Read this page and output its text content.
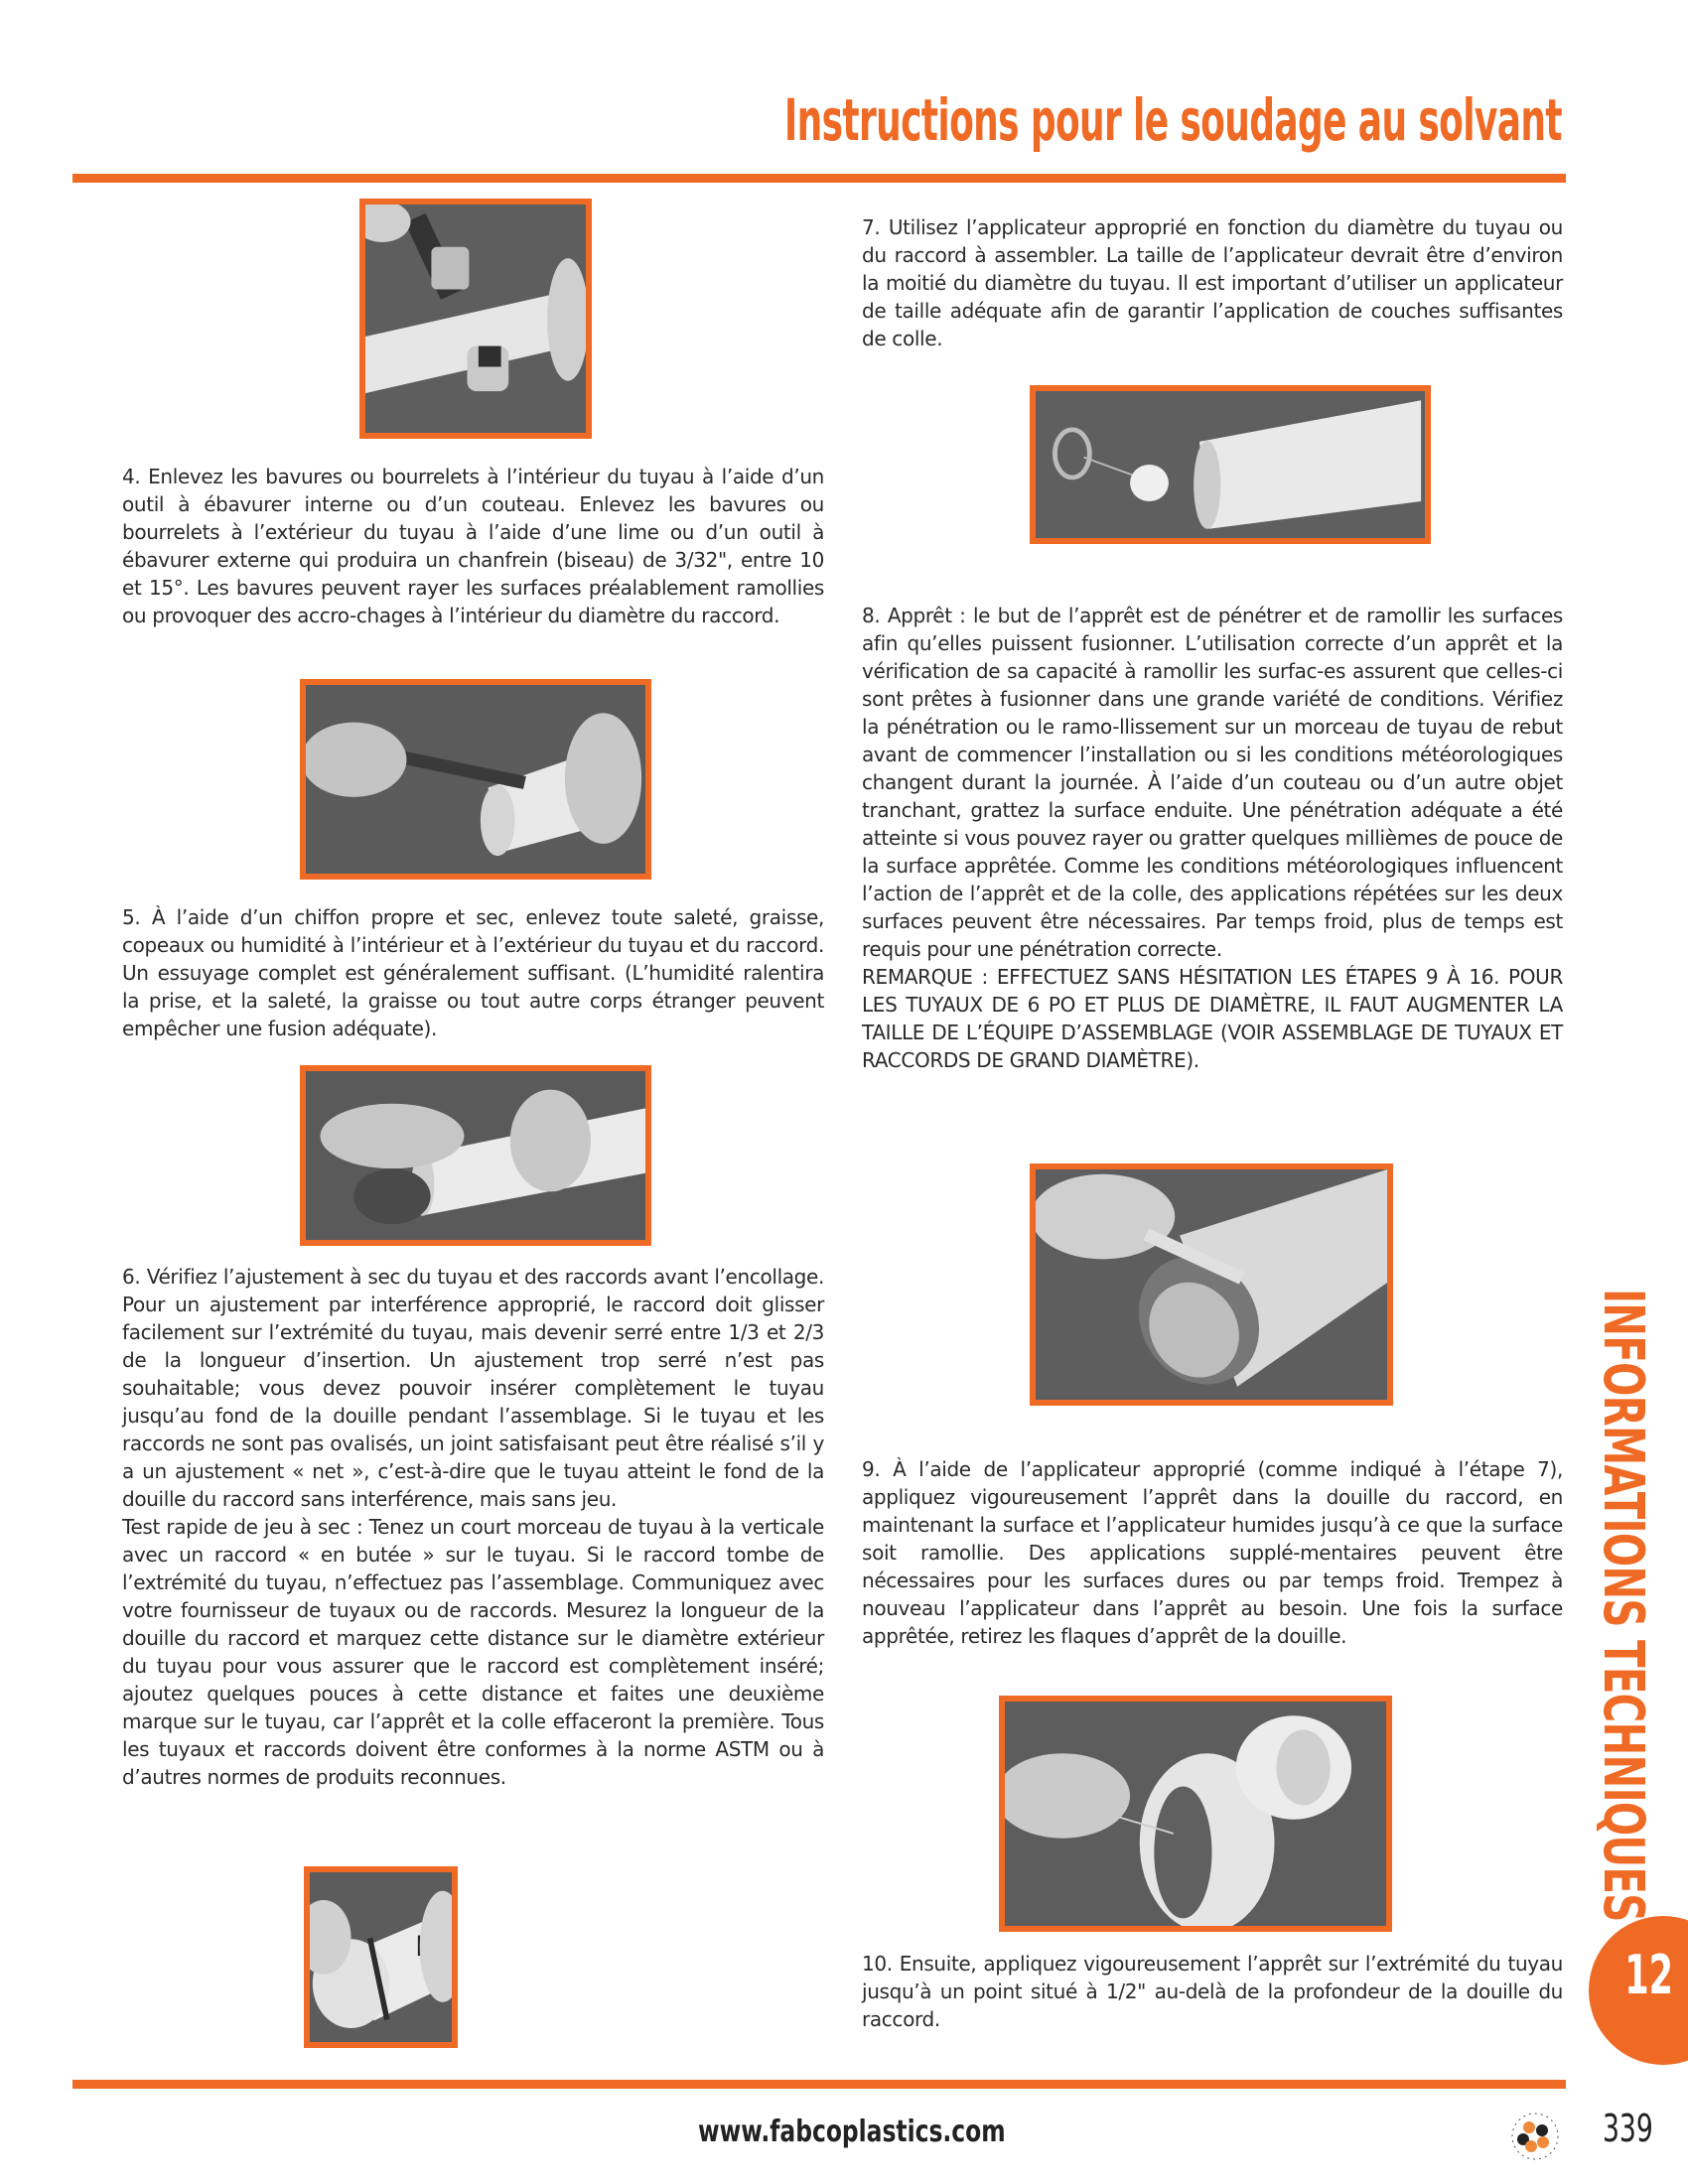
Instructions pour le soudage au solvant

7. Utilisez l’applicateur approprié en fonction du diamètre du tuyau ou du raccord à assembler. La taille de l’applicateur devrait être d’environ la moitié du diamètre du tuyau. Il est important d’utiliser un applicateur de taille adéquate afin de garantir l’application de couches suffisantes de colle.

4. Enlevez les bavures ou bourrelets à l’intérieur du tuyau à l’aide d’un outil à ébavurer interne ou d’un couteau. Enlevez les bavures ou bourrelets à l’extérieur du tuyau à l’aide d’une lime ou d’un outil à ébavurer externe qui produira un chanfrein (biseau) de 3/32", entre 10 et 15°. Les bavures peuvent rayer les surfaces préalablement ramollies ou provoquer des accro-chages à l’intérieur du diamètre du raccord.	8. Apprêt : le but de l’apprêt est de pénétrer et de ramollir les surfaces afin qu’elles puissent fusionner. L’utilisation correcte d’un apprêt et la vérification de sa capacité à ramollir les surfac-es assurent que celles-ci sont prêtes à fusionner dans une grande variété de conditions. Vérifiez la pénétration ou le ramo-llissement sur un morceau de tuyau de rebut avant de commencer l’installation ou si les conditions météorologiques changent durant la journée. À l’aide d’un couteau ou d’un autre objet tranchant, grattez la surface enduite. Une pénétration adéquate a été atteinte si vous pouvez rayer ou gratter quelques millièmes de pouce de la surface apprêtée. Comme les conditions météorologiques influencent l’action de l’apprêt et de la colle, des applications répétées sur les deux surfaces peuvent être nécessaires. Par temps froid, plus de temps est requis pour une pénétration correcte.
REMARQUE : EFFECTUEZ SANS HÉSITATION LES ÉTAPES 9 À 16. POUR LES TUYAUX DE 6 PO ET PLUS DE DIAMÈTRE, IL FAUT AUGMENTER LA TAILLE DE L’ÉQUIPE D’ASSEMBLAGE (VOIR ASSEMBLAGE DE TUYAUX ET RACCORDS DE GRAND DIAMÈTRE).

5. À l’aide d’un chiffon propre et sec, enlevez toute saleté, graisse, copeaux ou humidité à l’intérieur et à l’extérieur du tuyau et du raccord. Un essuyage complet est généralement suffisant. (L’humidité ralentira la prise, et la saleté, la graisse ou tout autre corps étranger peuvent empêcher une fusion adéquate).

6. Vérifiez l’ajustement à sec du tuyau et des raccords avant l’encollage. Pour un ajustement par interférence approprié, le raccord doit glisser facilement sur l’extrémité du tuyau, mais devenir serré entre 1/3 et 2/3 de la longueur d’insertion. Un ajustement trop serré n’est pas souhaitable; vous devez pouvoir insérer complètement le tuyau jusqu’au fond de la douille pendant l’assemblage. Si le tuyau et les raccords ne sont pas ovalisés, un joint satisfaisant peut être réalisé s’il y a un ajustement « net », c’est-à-dire que le tuyau atteint le fond de la douille du raccord sans interférence, mais sans jeu.
Test rapide de jeu à sec : Tenez un court morceau de tuyau à la verticale avec un raccord « en butée » sur le tuyau. Si le raccord tombe de l’extrémité du tuyau, n’effectuez pas l’assemblage. Communiquez avec votre fournisseur de tuyaux ou de raccords. Mesurez la longueur de la douille du raccord et marquez cette distance sur le diamètre extérieur du tuyau pour vous assurer que le raccord est complètement inséré; ajoutez quelques pouces à cette distance et faites une deuxième marque sur le tuyau, car l’apprêt et la colle effaceront la première. Tous les tuyaux et raccords doivent être conformes à la norme ASTM ou à d’autres normes de produits reconnues.

9. À l’aide de l’applicateur approprié (comme indiqué à l’étape 7), appliquez vigoureusement l’apprêt dans la douille du raccord, en maintenant la surface et l’applicateur humides jusqu’à ce que la surface soit ramollie. Des applications supplé-mentaires peuvent être nécessaires pour les surfaces dures ou par temps froid. Trempez à nouveau l’applicateur dans l’apprêt au besoin. Une fois la surface apprêtée, retirez les flaques d’apprêt de la douille.

10. Ensuite, appliquez vigoureusement l’apprêt sur l’extrémité du tuyau jusqu’à un point situé à 1/2" au-delà de la profondeur de la douille du raccord.

INFORMATIONS TECHNIQUES
12
www.fabcoplastics.com	339
